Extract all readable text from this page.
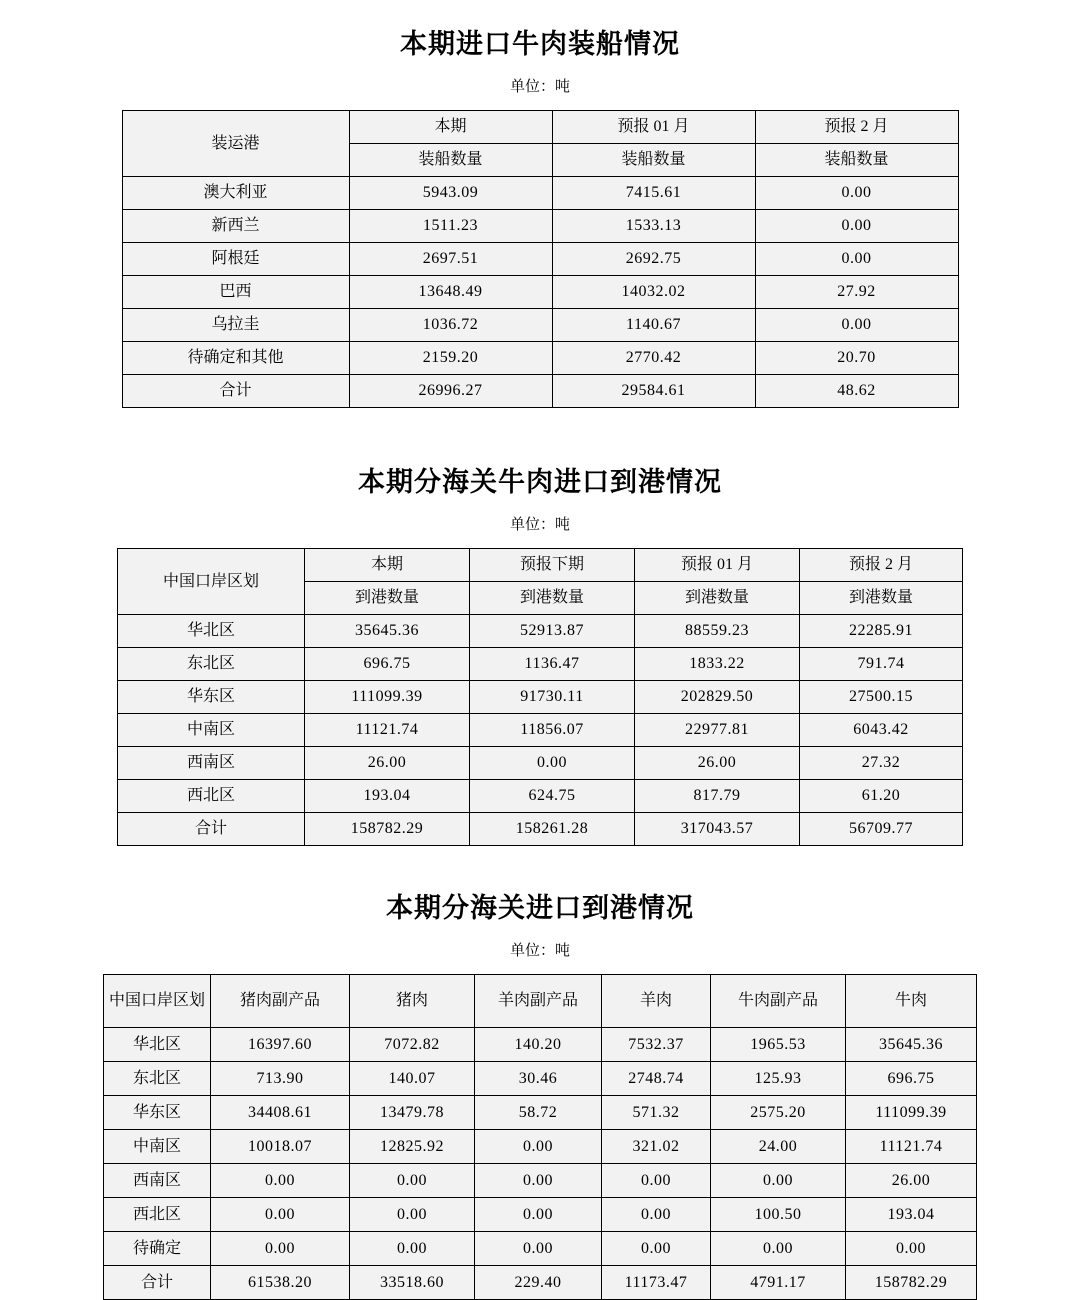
本期进口牛肉装船情况
单位：吨
装运港	本期	预报 01 月	预报 2 月
	装船数量	装船数量	装船数量
澳大利亚	5943.09	7415.61	0.00
新西兰	1511.23	1533.13	0.00
阿根廷	2697.51	2692.75	0.00
巴西	13648.49	14032.02	27.92
乌拉圭	1036.72	1140.67	0.00
待确定和其他	2159.20	2770.42	20.70
合计	26996.27	29584.61	48.62
本期分海关牛肉进口到港情况
单位：吨
中国口岸区划	本期	预报下期	预报 01 月	预报 2 月
	到港数量	到港数量	到港数量	到港数量
华北区	35645.36	52913.87	88559.23	22285.91
东北区	696.75	1136.47	1833.22	791.74
华东区	111099.39	91730.11	202829.50	27500.15
中南区	11121.74	11856.07	22977.81	6043.42
西南区	26.00	0.00	26.00	27.32
西北区	193.04	624.75	817.79	61.20
合计	158782.29	158261.28	317043.57	56709.77
本期分海关进口到港情况
单位：吨
中国口岸区划	猪肉副产品	猪肉	羊肉副产品	羊肉	牛肉副产品	牛肉
华北区	16397.60	7072.82	140.20	7532.37	1965.53	35645.36
东北区	713.90	140.07	30.46	2748.74	125.93	696.75
华东区	34408.61	13479.78	58.72	571.32	2575.20	111099.39
中南区	10018.07	12825.92	0.00	321.02	24.00	11121.74
西南区	0.00	0.00	0.00	0.00	0.00	26.00
西北区	0.00	0.00	0.00	0.00	100.50	193.04
待确定	0.00	0.00	0.00	0.00	0.00	0.00
合计	61538.20	33518.60	229.40	11173.47	4791.17	158782.29
